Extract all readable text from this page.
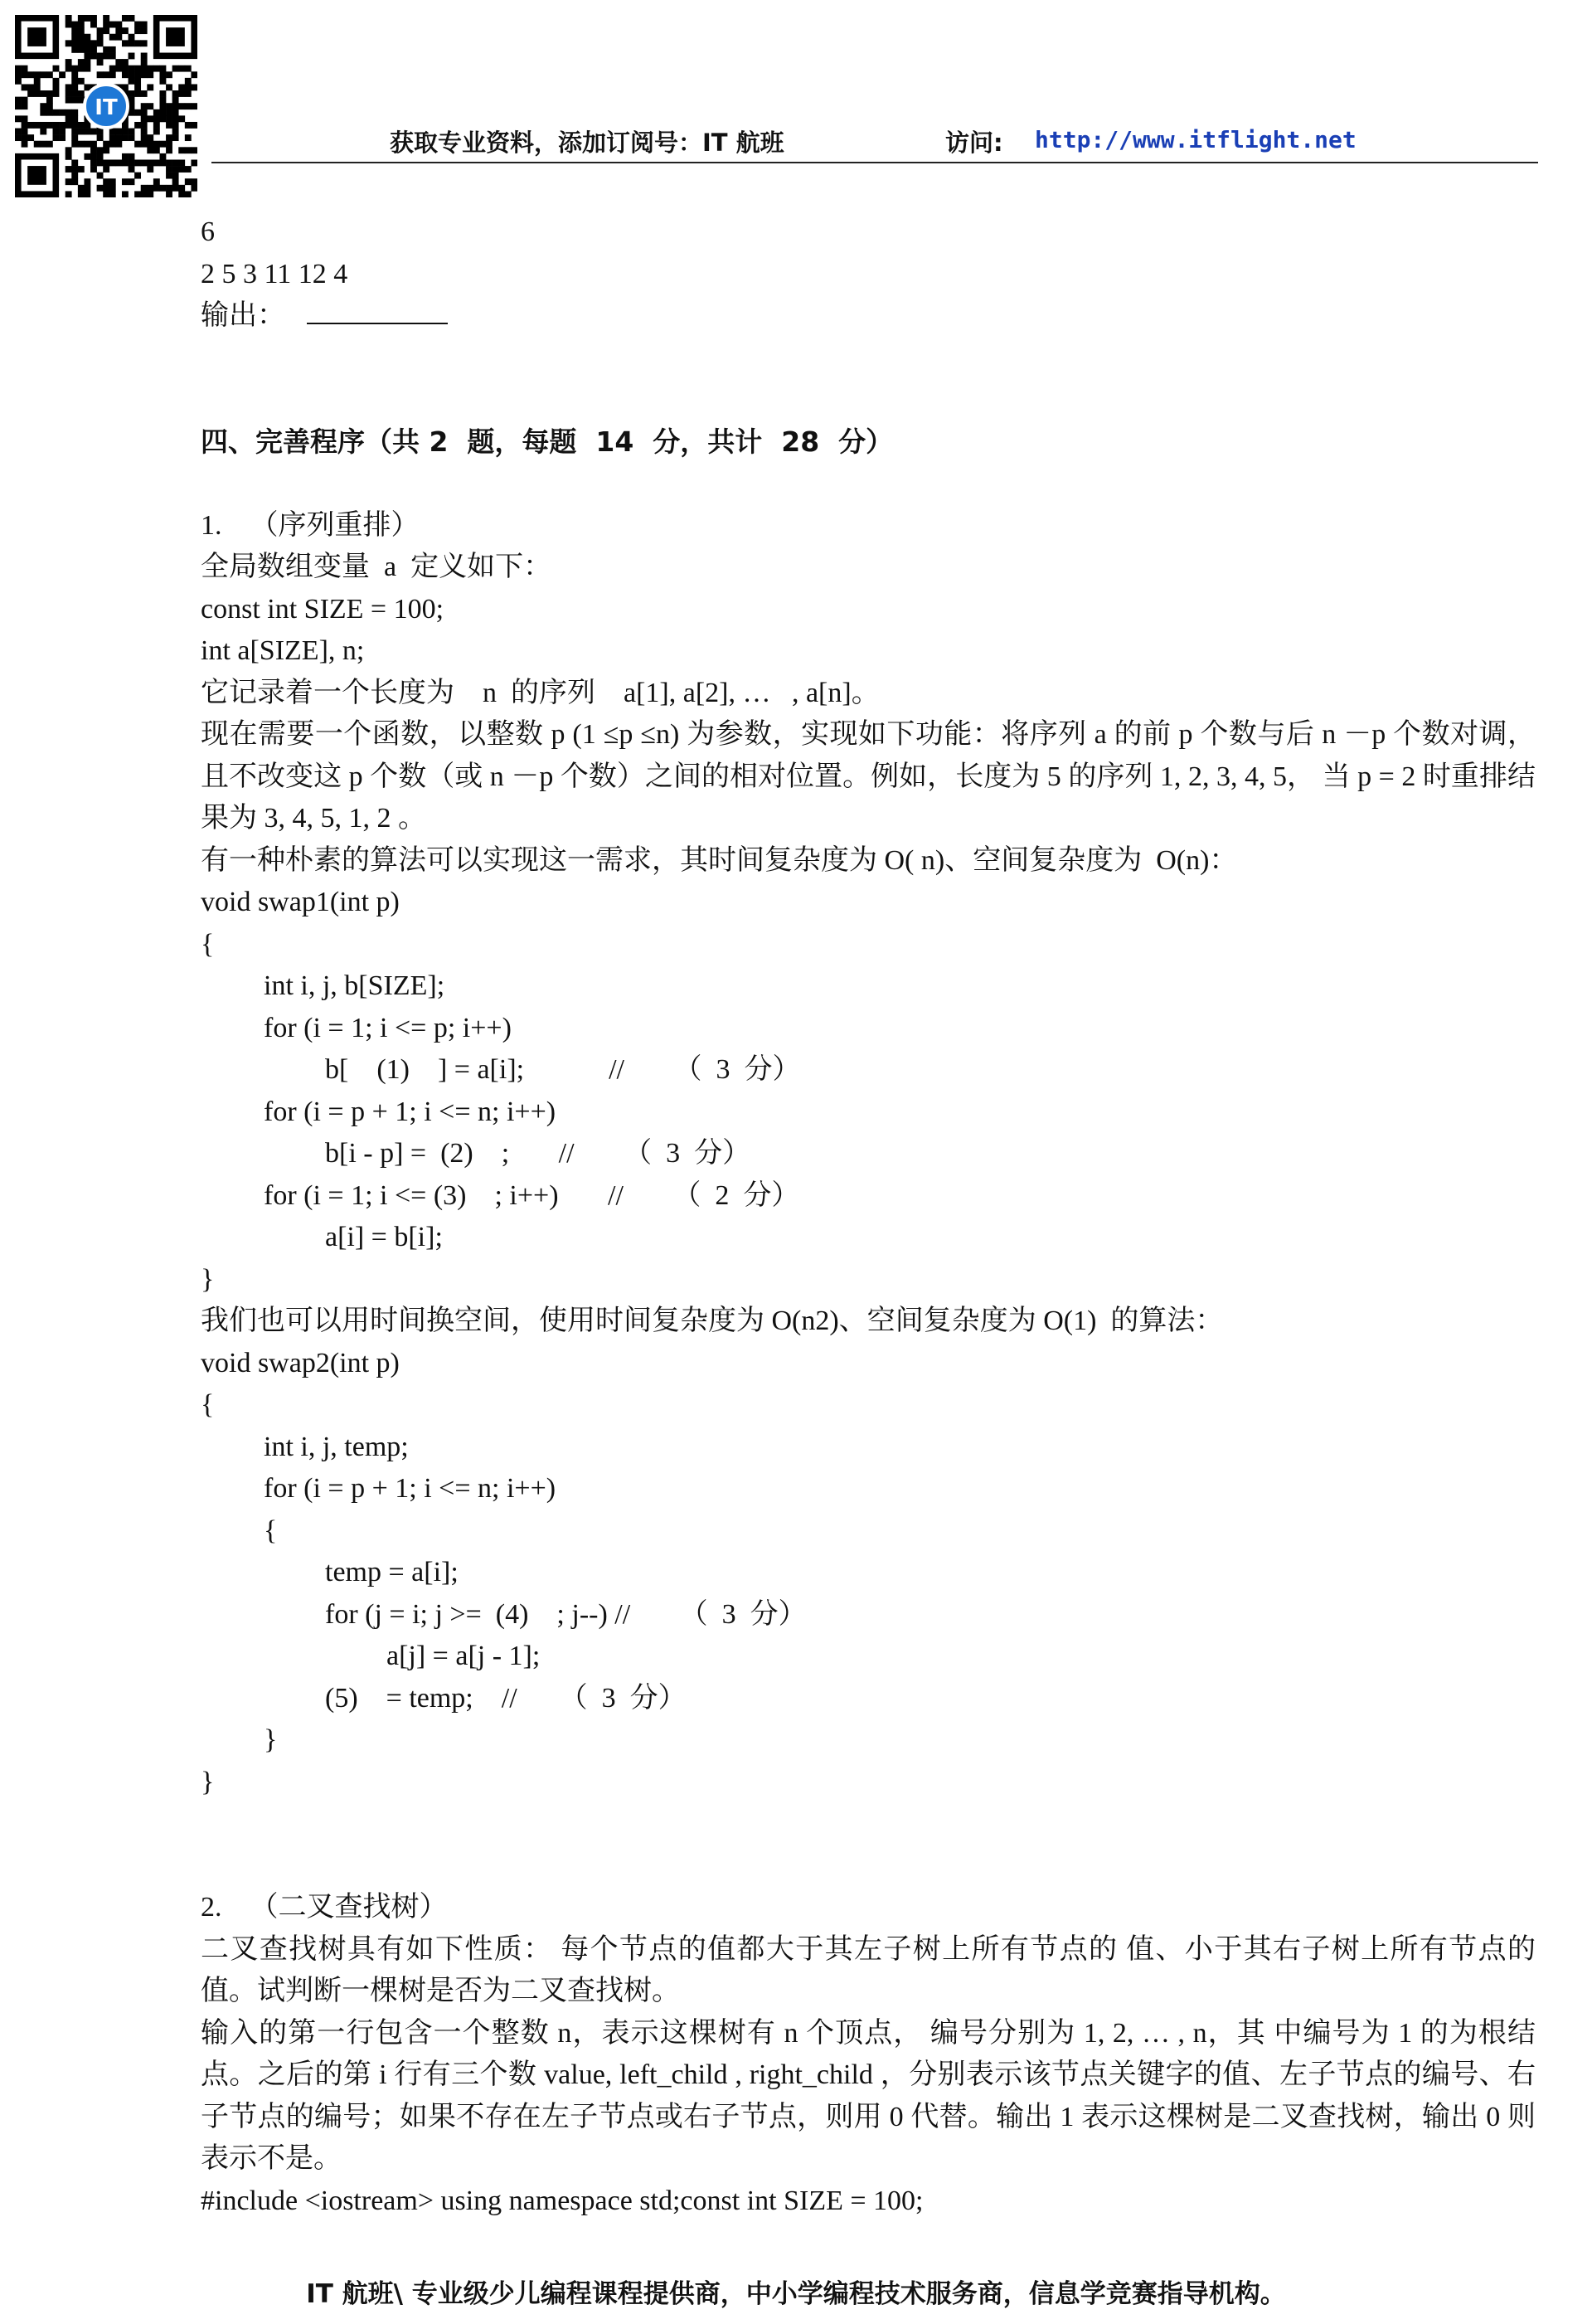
IT
获取专业资料，添加订阅号：IT 航班	访问: http://www.itflight.net
6
2 5 3 11 12 4
输出：
四、完善程序（共 2  题，每题  14  分，共计  28  分）
1.    （序列重排）
全局数组变量  a  定义如下：
const int SIZE = 100;
int a[SIZE], n;
它记录着一个长度为    n  的序列    a[1], a[2], …   , a[n]。
现在需要一个函数，以整数 p (1 ≤p ≤n) 为参数，实现如下功能：将序列 a 的前 p 个数与后 n －p 个数对调，且不改变这 p 个数（或 n －p 个数）之间的相对位置。例如，长度为 5 的序列 1, 2, 3, 4, 5， 当 p = 2 时重排结果为 3, 4, 5, 1, 2 。
有一种朴素的算法可以实现这一需求，其时间复杂度为 O( n)、空间复杂度为  O(n)：
void swap1(int p)
{
int i, j, b[SIZE];
for (i = 1; i <= p; i++)
b[    (1)    ] = a[i];            //       （  3  分）
for (i = p + 1; i <= n; i++)
b[i - p] =  (2)    ;       //       （  3  分）
for (i = 1; i <= (3)    ; i++)       //       （  2  分）
a[i] = b[i];
}
我们也可以用时间换空间，使用时间复杂度为 O(n2)、空间复杂度为 O(1)  的算法：
void swap2(int p)
{
int i, j, temp;
for (i = p + 1; i <= n; i++)
{
temp = a[i];
for (j = i; j >=  (4)    ; j--) //       （  3  分）
a[j] = a[j - 1];
(5)    = temp;    //      （  3  分）
}
}
2.    （二叉查找树）
二叉查找树具有如下性质： 每个节点的值都大于其左子树上所有节点的 值、小于其右子树上所有节点的值。试判断一棵树是否为二叉查找树。
输入的第一行包含一个整数 n，表示这棵树有 n 个顶点， 编号分别为 1, 2, … , n，其 中编号为 1 的为根结点。之后的第 i 行有三个数 value, left_child , right_child ，分别表示该节点关键字的值、左子节点的编号、右子节点的编号；如果不存在左子节点或右子节点，则用 0 代替。输出 1 表示这棵树是二叉查找树，输出 0 则表示不是。
#include <iostream> using namespace std;const int SIZE = 100;
IT 航班\ 专业级少儿编程课程提供商，中小学编程技术服务商，信息学竞赛指导机构。
